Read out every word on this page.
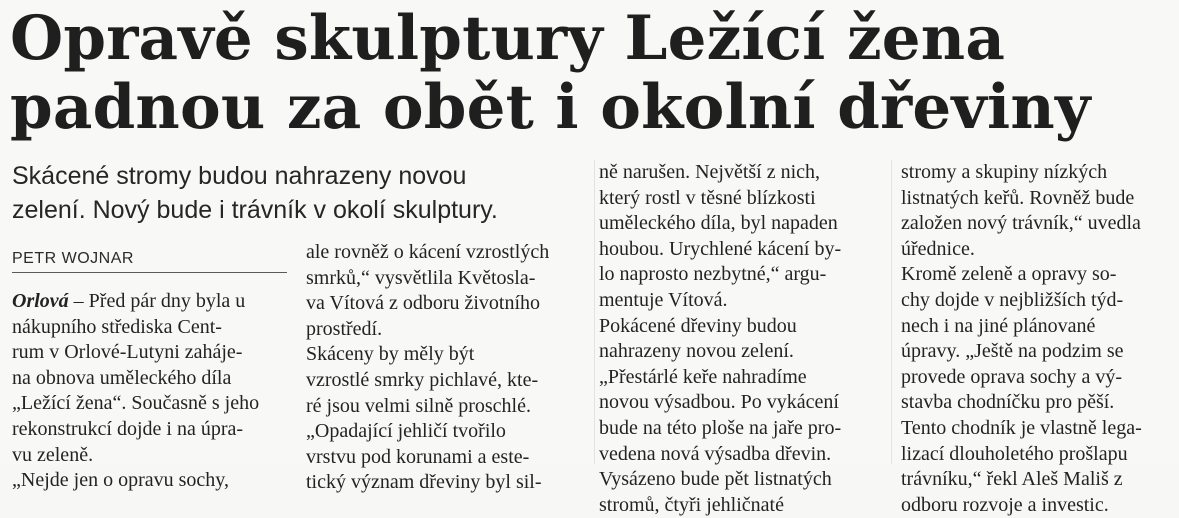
Opravě skulptury Ležící žena
padnou za obět i okolní dřeviny
Skácené stromy budou nahrazeny novou
zelení. Nový bude i trávník v okolí skulptury.
PETR WOJNAR
Orlová – Před pár dny byla u
nákupního střediska Cent-
rum v Orlové-Lutyni zahájе-
na obnova uměleckého díla
„Ležící žena“. Současně s jeho
rekonstrukcí dojde i na úpra-
vu zeleně.
„Nejde jen o opravu sochy,
ale rovněž o kácení vzrostlých
smrků,“ vysvětlila Květosla-
va Vítová z odboru životního
prostředí.
Skáceny by měly být
vzrostlé smrky pichlavé, kte-
ré jsou velmi silně proschlé.
„Opadající jehličí tvořilo
vrstvu pod korunami a este-
tický význam dřeviny byl sil-
ně narušen. Největší z nich,
který rostl v těsné blízkosti
uměleckého díla, byl napaden
houbou. Urychlené kácení by-
lo naprosto nezbytné,“ argu-
mentuje Vítová.
Pokácené dřeviny budou
nahrazeny novou zelení.
„Přestárlé keře nahradíme
novou výsadbou. Po vykácení
bude na této ploše na jaře pro-
vedena nová výsadba dřevin.
Vysázeno bude pět listnatých
stromů, čtyři jehličnaté
stromy a skupiny nízkých
listnatých keřů. Rovněž bude
založen nový trávník,“ uvedla
úřednice.
Kromě zeleně a opravy so-
chy dojde v nejbližších týd-
nech i na jiné plánované
úpravy. „Ještě na podzim se
provede oprava sochy a vý-
stavba chodníčku pro pěší.
Tento chodník je vlastně lega-
lizací dlouholetého prošlapu
trávníku,“ řekl Aleš Mališ z
odboru rozvoje a investic.
